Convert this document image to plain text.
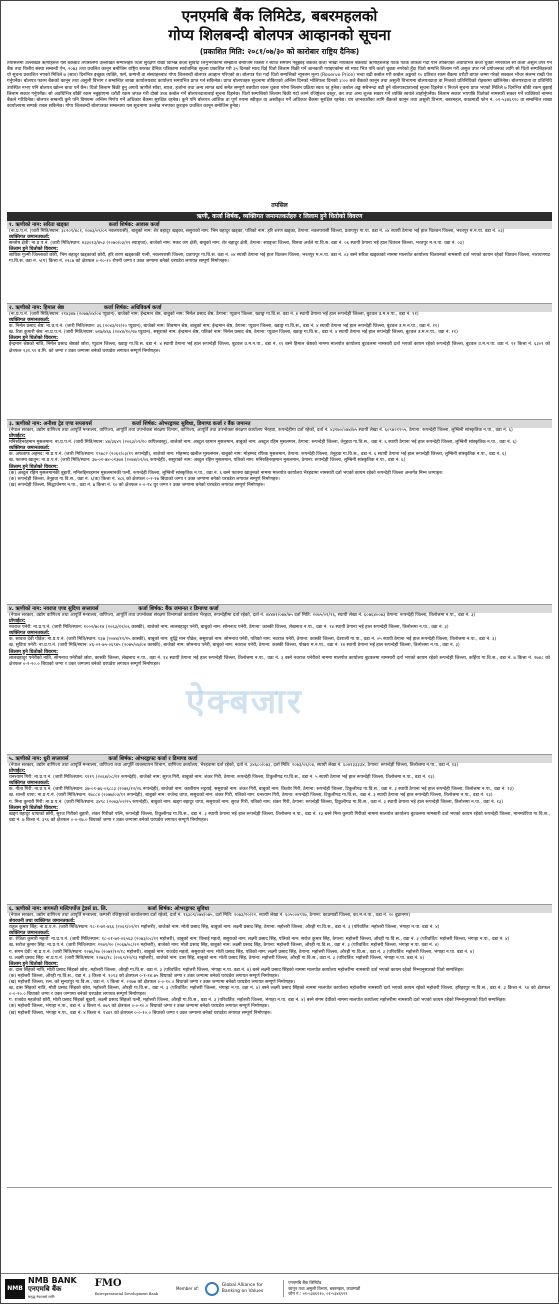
एनएमबि बैंक लिमिटेड, बबरमहलको
गोप्य शिलबन्दी बोलपत्र आव्हानको सूचना
(प्रकाशित मिति: २०८१/०७/३० को कारोबार राष्ट्रिय दैनिक)
तपसिलमा उल्लेखित ऋणीहरुले यस बैंकबाट तपसिलमा उल्लेखित सम्पत्तिहरु धितो सुरक्षण राखी विभिन्न कर्जा सुविधा लिनुभएकोमा सम्झौता बमोजिम किस्ता र ब्याज समयमै नबुझाई बैंकको कर्जा भाखा नाघेकाले बैंकबाट ऋणीहरुलाई पटक पटक ताकेता गर्दा पनि तोकिएको अवधिभित्र कर्जा चुक्ता नगरेकाले सो कर्जा असुल उपर गर्न बैंक तथा वित्तीय संस्था सम्बन्धी ऐन, २०७३ तथा प्रचलित कानून बमोजिम राष्ट्रिय स्तरका दैनिक पत्रिकामा सार्वजनिक सूचना प्रकाशित गरी ३५ दिनको म्याद दिई धितो लिलाम बिक्री गर्ने जानकारी गराइएकोमा सो म्याद भित्र पनि कर्जा चुक्ता नगरेको हुँदा धितो सम्पत्ति लिलाम गरी असुल उपर गर्ने प्रयोजनका लागि सो धितो सम्पत्तिहरुको यो सूचना प्रकाशित भएको मितिले ७ (सात) दिनभित्र इच्छुक व्यक्ति, फर्म, कम्पनी वा संस्थाहरुबाट गोप्य शिलबन्दी बोलपत्र आव्हान गरिएको छ। बोलपत्र पेश गर्दा धितो सम्पत्तिको न्यूनतम मूल्य (Reserve Price) भन्दा बढी कबोल गरी कबोल अङ्कको १० प्रतिशत रकम बैंकमा धरौटी बापत जम्मा गरेको सक्कल भौचर संलग्न राखी पेश गर्नुपर्नेछ। बोलपत्र फारम बैंकको कानून तथा असुली विभाग र सम्बन्धित शाखा कार्यालयबाट कार्यालय समयभित्र प्राप्त गर्न सकिनेछ। प्राप्त बोलपत्रहरु सूचनामा तोकिएको अन्तिम दिनको भोलिपल्ट दिनको ३:०० बजे बैंकको कानून तथा असुली विभागमा बोलपत्रदाता वा निजको प्रतिनिधिको रोहबरमा खोलिनेछ। बोलपत्रदाता वा प्रतिनिधि उपस्थित नभए पनि बोलपत्र खोल्न बाधा पर्ने छैन। धितो लिलाम बिक्री हुनु अगावै ऋणीले साँवा, ब्याज, हर्जाना तथा अन्य लागत खर्च समेत सम्पूर्ण बक्यौता रकम चुक्ता गरेमा लिलाम प्रक्रिया स्वतः रद्द हुनेछ। कबोल अङ्क सबैभन्दा बढी हुने बोलपत्रदातालाई सूचना दिइनेछ र निजले सूचना प्राप्त भएको मितिले ७ दिनभित्र बाँकी रकम बुझाई लिलाम सकार गर्नुपर्नेछ। सो अवधिभित्र बाँकी रकम नबुझाएमा धरौटी रकम जफत गरी दोस्रो उच्च कबोल गर्ने बोलपत्रदातालाई सूचना दिइनेछ। धितो सम्पत्तिको लिलाम बिक्री गर्दा लाग्ने रजिष्ट्रेशन दस्तुर, कर तथा अन्य शुल्क सकार गर्ने व्यक्ति स्वयंले व्यहोर्नुपर्नेछ। लिलाम सकार भएपछि धितोको नामसारी सकार गर्ने व्यक्तिको नाममा बैंकले गरिदिनेछ। बोलपत्र सम्बन्धी कुनै पनि विषयमा अन्तिम निर्णय गर्ने अधिकार बैंकमा सुरक्षित रहनेछ। कुनै पनि बोलपत्र आंशिक वा पूर्ण रुपमा स्वीकृत वा अस्वीकृत गर्ने अधिकार बैंकमा सुरक्षित रहनेछ। थप जानकारीका लागि बैंकको कानून तथा असुली विभाग, बबरमहल, काठमाडौं फोन नं. ०१-५३४६९१० वा सम्बन्धित शाखा कार्यालयमा सम्पर्क राख्न सकिनेछ। गोप्य शिलबन्दी बोलपत्रका सम्बन्धमा यस सूचनामा उल्लेख नभएका कुराहरु प्रचलित कानून बमोजिम हुनेछ।
तपसिल
ऋणी, कर्जा शिर्षक, व्यक्तिगत जमानतकर्तहरु र लिलाम हुने धितोको विवरण
१. ऋणीको नाम: सरिता खड्का	कर्जा शिर्षक: आवास कर्जा
(ना.प्र.प.नं. (जारी मिति/स्थान: ३८२०९/४८१, २०७३/०९/०९ नवलपरासी), बाबुको नाम: शेर बहादुर खड्का, ससुराको नाम: भिम बहादुर खड्का, पतिको नाम: हरि शरण खड्का, ठेगाना: नवलपरासी जिल्ला, प्रतापपुर गा.पा. वडा नं. ०४ स्थायी ठेगाना भई हाल चितवन जिल्ला, भरतपुर म.न.पा. वडा नं. ०३)
व्यक्तिगत जमानतकर्ता:
सन्तोष क्षेत्री: ना.प्र.प.नं. (जारी मिति/स्थान: ४३३०१३/४५३ (२०७०/०३/२२ स्याङ्जा), बाजेको नाम: मकर जंग क्षेत्री, बाबुको नाम: शेर बहादुर क्षेत्री, ठेगाना: स्याङ्जा जिल्ला, बिरुवा अर्चले गा.वि.स. वडा नं. ०६ स्थायी ठेगाना भई हाल चितवन जिल्ला, भरतपुर म.न.पा. वडा नं. ०३)
लिलाम हुने धितोको विवरण:
साविक गुल्मी जिल्लाको छोरी, भिम बहादुर खड्काको छोरी, हरि शरण खड्काकी पत्नी, नवलपरासी जिल्ला, प्रतापपुर गा.वि.स. वडा नं. ०४ स्थायी ठेगाना भई हाल चितवन जिल्ला, भरतपुर म.न.पा. वडा नं. ०३ बस्ने सरिता खड्काको नाममा मालपोत कार्यालय चितवनको नामसारी दर्ता भएको कायम रहेको चितवन जिल्ला, नारायणगढ गा.वि.स. वडा नं. ५(ग) कित्ता नं. २२८७ को क्षेत्रफल ०-१०-१० रोपनी जग्गा र उक्त जग्गामा बनेको घरघडेरा लगायत सम्पूर्ण निर्माणहरु।
२. ऋणीको नाम: हिमाल श्रेष्ठ	कर्जा शिर्षक: अधिविकर्ष कर्जा
(ना.प्र.प.नं. (जारी मिति/स्थान: २१४३४७ (२०७७/०४/०४ प्युठान), बाजेको नाम: ईन्द्रमान श्रेष्ठ, बाबुको नाम: निर्मल प्रसाद श्रेष्ठ, ठेगाना: प्युठान जिल्ला, ख्वाङ्ग गा.वि.स. वडा नं. ४ स्थायी ठेगाना भई हाल रूपन्देही जिल्ला, बुटवल उ.म.न.पा., वडा नं. ११)
व्यक्तिगत जमानतकर्ता:
क. निर्मल प्रसाद श्रेष्ठ: ना.प्र.प.नं. (जारी मिति/स्थान: ३६ (२०४३/१२/२० प्युठान), बाजेको नाम: शिवमान श्रेष्ठ, बाबुको नाम: ईन्द्रमान श्रेष्ठ, ठेगाना: प्युठान जिल्ला, ख्वाङ्ग गा.वि.स., वडा नं. ४ स्थायी ठेगाना भई हाल रूपन्देही जिल्ला, बुटवल उ.म.न.पा., वडा नं. ११)
ख. रिता कुमारी श्रेष्ठ: ना.प्र.प.नं. (जारी मिति/स्थान: ७१७/४६६ (२०४४/१०/२७ प्युठान), ससुराको नाम: ईन्द्रमान श्रेष्ठ, पतिको नाम: निर्मल प्रसाद श्रेष्ठ, ठेगाना: प्युठान जिल्ला, ख्वाङ्ग गा.वि.स., वडा नं. ४ स्थायी ठेगाना भई हाल रूपन्देही जिल्ला, बुटवल उ.म.न.पा., वडा नं. ११)
लिलाम हुने धितोको विवरण:
ईन्द्रमान श्रेष्ठको नाति, निर्मल प्रसाद श्रेष्ठको छोरा, प्युठान जिल्ला, ख्वाङ्ग गा.वि.स. वडा नं. ४ स्थायी ठेगाना भई हाल रूपन्देही जिल्ला, बुटवल उ.म.न.पा., वडा नं. ११ बस्ने हिमाल श्रेष्ठको नाममा मालपोत कार्यालय बुटवलमा नामसारी दर्ता भएको कायम रहेको रूपन्देही जिल्ला, बुटवल उ.म.न.पा. वडा नं. ११ कित्ता नं. ६३०९ को क्षेत्रफल १३१.९१ व.मि. को जग्गा र उक्त जग्गामा बनेको घरघडेरा लगायत सम्पूर्ण निर्माणहरु।
३. ऋणीको नाम: अनीशा ट्रेड एण्ड सप्लायर्स	कर्जा शिर्षक: ओभरड्राफ्ट सुविधा, डिमाण्ड कर्जा र बैंक जमानत
(नेपाल सरकार, उद्योग वाणिज्य तथा आपूर्ति मन्त्रालय, वाणिज्य, आपूर्ति तथा उपभोक्ता संरक्षण विभाग, वाणिज्य, आपूर्ति तथा उपभोक्ता संरक्षण कार्यालय भैरहवा, रूपन्देहीमा दर्ता रहेको, दर्ता नं. ४३१७०/०७४/७५ स्थायी लेखा नं. ६०९७२१९५५, ठेगाना: रूपन्देही जिल्ला, लुम्बिनी सांस्कृतिक न.पा., वडा नं. ६)
प्रोपाईटर:
मनिरुद्दिनरहमान मुसलमान: ना.प्र.प.नं. (जारी मिति/स्थान: ४४/३६४९ (२०६३/०९/१० कपिलवस्तु), बाजेको नाम: अब्दुल रहमान मुसलमान, बाबुको नाम: अब्दुल रहिम मुसलमान, ठेगाना: रूपन्देही जिल्ला, तेनुहवा गा.वि.स., वडा नं. ६ स्थायी ठेगाना भई हाल रूपन्देही जिल्ला, लुम्बिनी सांस्कृतिक न.पा., वडा नं. ६)
व्यक्तिगत जमानतकर्ता:
क. अफताफ अहमद: ना.प्र.प.नं. (जारी मिति/स्थान: १९७८२ (२०६२/०३/१९ रूपन्देही), बाजेको नाम: मोहम्मद खलील मुसलमान, बाबुको नाम: मोहम्मद रफिक मुसलमान, ठेगाना: रूपन्देही जिल्ला, तेनुहवा गा.वि.स., वडा नं. ६ स्थायी ठेगाना भई हाल रूपन्देही जिल्ला, लुम्बिनी सांस्कृतिक न.पा., वडा नं. ६)
ख. फातमा खातुन: ना.प्र.प.नं. (जारी मिति/स्थान: ३७-०१-७४-०१३७४ (२०७४/०२/०६ रूपन्देही), ससुराको नाम: अब्दुल रहिम मुसलमान, पतिको नाम: मनिरुद्दिनरहमान मुसलमान, ठेगाना: रूपन्देही जिल्ला, लुम्बिनी सांस्कृतिक न.पा., वडा नं. ६)
लिलाम हुने धितोको विवरण:
(क) अब्दुल रहिम मुसलमानकी बुहारी, मनिरुद्दिनरहमान मुसलमानकी पत्नी, रूपन्देही जिल्ला, लुम्बिनी सांस्कृतिक न.पा., वडा नं. ६ बस्ने फातमा खातुनको नाममा मालपोत कार्यालय भैरहवामा नामसारी दर्ता भएको कायम रहेको रूपन्देही जिल्ला अन्तर्गत निम्न जग्गाहरु:
(क) रूपन्देही जिल्ला, तेनुहवा गा.वि.स., वडा नं. ६(क) कित्ता नं. ४८६ को क्षेत्रफल ०-२-१७ बिघाको जग्गा र उक्त जग्गामा बनेको घरघडेरा लगायत सम्पूर्ण निर्माणहरु।
(ख) रूपन्देही जिल्ला, सिद्धार्थनगर न.पा., वडा नं. ७ कित्ता नं. १० को क्षेत्रफल ०-०-१४ धुर जग्गा र उक्त जग्गामा बनेको घरघडेरा लगायत सम्पूर्ण निर्माणहरु।
४. ऋणीको नाम: नवराज एण्ड सुदिपा सप्लायर्स	कर्जा शिर्षक: बैंक जमानत र डिमाण्ड कर्जा
(नेपाल सरकार, उद्योग वाणिज्य तथा आपूर्ति मन्त्रालय, वाणिज्य, आपूर्ति तथा उपभोक्ता संरक्षण विभागको कार्यालय भैरहवा, रूपन्देहीमा दर्ता रहेको, दर्ता नं. ४४४४१/०७४/७५ दर्ता मिति: २०७५/०१/१६, स्थायी लेखा नं. ६०७६४००७३ ठेगाना: रूपन्देही जिल्ला, तिलोत्तमा न.पा., वडा नं. ३)
प्रोपाईटर:
नवराज पनेरी: ना.प्र.प.नं. (जारी मिति/स्थान: १००२/७०१४ (२०६३/१२/०६ कास्की), बाजेको नाम: लालबहादुर पनेरी, बाबुको नाम: सोमनाथ पनेरी, ठेगाना: कास्की जिल्ला, लेखनाथ न.पा., वडा नं. १४ स्थायी ठेगाना भई हाल रूपन्देही जिल्ला, तिलोत्तमा न.पा., वडा नं. ३)
व्यक्तिगत जमानतकर्ता:
क. सावत्रा देवी पौडेल: ना.प्र.प.नं. (जारी मिति/स्थान: १३७ (२०४४/११/१५ कास्की), बाबुको नाम: बुद्धि मान पौडेल, ससुराको नाम: सोमनाथ पनेरी, पतिको नाम: नवराज पनेरी, ठेगाना: कास्की जिल्ला, देउराली गा.पा., वडा नं. ०५ स्थायी ठेगाना भई हाल रूपन्देही जिल्ला, तिलोत्तमा न.पा., वडा नं. ३)
ख. सुदिपा पनेरी: ना.प्र.प.नं. (जारी मिति/स्थान: ४६-०१-७५-०६९४५ (२०७५/०७/०४ कास्की), बाजेको नाम: सोमनाथ पनेरी, बाबुको नाम: नवराज पनेरी, ठेगाना: कास्की जिल्ला, पोखरा म.न.पा., वडा नं. १४ स्थायी ठेगाना भई हाल रूपन्देही जिल्ला, तिलोत्तमा न.पा., वडा नं. ३)
लिलाम हुने धितोको विवरण:
लालबहादुर पनेरीको नाति, सोमनाथ पनेरीको छोरा, कास्की जिल्ला, लेखनाथ न.पा., वडा नं. १४ स्थायी ठेगाना भई हाल रूपन्देही जिल्ला, तिलोत्तमा न.पा., वडा नं. ३ बस्ने नवराज पनेरीको नाममा मालपोत कार्यालय बुटवलमा नामसारी दर्ता भएको कायम रहेको रूपन्देही जिल्ला, कर्हिया गा.वि.स., वडा नं. ७ कित्ता नं. १७४८ को क्षेत्रफल ०-१-२०.० बिघाको जग्गा र उक्त जग्गामा बनेको घरघडेरा लगायत सम्पूर्ण निर्माणहरु।
५. ऋणीको नाम: धुरी सप्लायर्स	कर्जा शिर्षक: ओभरड्राफ्ट कर्जा र डिमाण्ड कर्जा
(नेपाल सरकार, उद्योग वाणिज्य तथा आपूर्ति मन्त्रालय, वाणिज्य तथा आपूर्ति व्यवस्थापन विभाग, वाणिज्य कार्यालय, भैरहवामा दर्ता रहेको, दर्ता नं. ३४६८०/०७३, दर्ता मिति: २०७३/०६/०४, स्थायी लेखा नं. ६०४१३३३३४, ठेगाना: रूपन्देही जिल्ला, तिलोत्तमा न.पा., वडा नं. १३)
प्रोपाईटर:
धनश्याम गिरी: ना.प्र.प.नं. (जारी मिति/स्थान: ९११९ (२०६४/०८/११ रूपन्देही), बाजेको नाम: सुरज गिरी, बाबुको नाम: शंकर गिरी, ठेगाना: रूपन्देही जिल्ला, टिकुलीगढ गा.वि.स., वडा नं. ५ स्थायी ठेगाना भई हाल रूपन्देही जिल्ला, तिलोत्तमा न.पा., वडा नं. १३)
व्यक्तिगत जमानतकर्ता:
क. गीता गिरी: ना.प्र.प.नं. (जारी मिति/स्थान: ३७-०१-७६-०६८८३ (२०७६/१२/२६ रूपन्देही), बाजेको नाम: काशीराम भट्टराई, ससुराको नाम: शंकर गिरी, बाबुको नाम: किशोर गिरी, ठेगाना: रूपन्देही जिल्ला, टिकुलीगढ गा.वि.स., वडा नं. ३ स्थायी ठेगाना भई हाल रूपन्देही जिल्ला, तिलोत्तमा न.पा., वडा नं. १३)
ख. शान्ती थापा: ना.प्र.प.नं. (जारी मिति/स्थान: १७८८४ (२०७७/०३/१२ रूपन्देही), बाबुको नाम: राजेन्द्र थापा, ससुराको नाम: शंकर गिरी, पतिको नाम: धनश्याम गिरी, ठेगाना: रूपन्देही जिल्ला, टिकुलीगढ गा.वि.स., वडा नं. ३ स्थायी ठेगाना भई हाल रूपन्देही जिल्ला, तिलोत्तमा न.पा., वडा नं. १३)
ग. मिना कुमारी गिरी: ना.प्र.प.नं. (जारी मिति/स्थान: ३४९८ (२०७३/०२/२५ रूपन्देही), बाबुको नाम: खड्ग बहादुर थापा, ससुराको नाम: सुरज गिरी, पतिको नाम: शंकर गिरी, ठेगाना: रूपन्देही जिल्ला, टिकुलीगढ गा.वि.स., वडा नं. ३ स्थायी ठेगाना भई हाल रूपन्देही जिल्ला, तिलोत्तमा न.पा., वडा नं. १३)
लिलाम हुने धितोको विवरण:
खड्ग बहादुर थापाको छोरी, सुरज गिरीको बुहारी, शंकर गिरीको पत्नि, रूपन्देही जिल्ला, टिकुलीगढ गा.वि.स., वडा नं. ३ स्थायी ठेगाना भई हाल रूपन्देही जिल्ला, तिलोत्तमा न.पा., वडा नं. १३ बस्ने मिना कुमारी गिरीको नाममा मालपोत कार्यालय बुटवलमा नामसारी दर्ता भएको कायम रहेको रूपन्देही जिल्ला, मानमटेरिया गा.वि.स., वडा नं. ७ कित्ता नं. ३९६ को क्षेत्रफल ०-०-१७.० बिघाको जग्गा र उक्त जग्गामा बनेको घरघडेरा लगायत सम्पूर्ण निर्माणहरु।
६. ऋणीको नाम: बागमती मल्टिपर्पोज ट्रेडर्स प्रा. लि.	कर्जा शिर्षक: ओभरड्राफ्ट सुविधा
(नेपाल सरकार, उद्योग वाणिज्य तथा आपूर्ति मन्त्रालय, कम्पनी रजिष्ट्रारको कार्यालयमा दर्ता रहेको, दर्ता नं. १६३०९/०७४/०७५, दर्ता मिति: २०७३/१०/२२, स्थायी लेखा नं. ६०५००४९९७, ठेगाना: काठमाडौं जिल्ला, का.म.न.पा., वडा नं. २० बुढानगर)
शेयरधनी तथा व्यक्तिगत जमानतकर्ता:
राहुल कुमार सिंह: ना.प्र.प.नं. (जारी मिति/स्थान: १८-१-७१-४६६ (२०६९/०९/१९ महोत्तरी), बाजेको नाम: मोती प्रसाद सिंह, बाबुको नाम: लक्ष्मी प्रसाद सिंह, ठेगाना: महोत्तरी जिल्ला, औरही गा.वि.स., वडा नं. ३ (परिवर्तित: महोत्तरी जिल्ला, भंगाहा न.पा. वडा नं. ४)
व्यक्तिगत जमानतकर्ता:
क. रंजिता कुमारी महतो: ना.प्र.प.नं. (जारी मिति/स्थान: १८-०१-७१-०६५६३ (२०७३/०८/२९ महोत्तरी), बाबुको नाम: तिलाई महतो, ससुराको नाम: लक्ष्मी प्रसाद सिंह, पतिको नाम: सरोज कुमार सिंह, ठेगाना: महोत्तरी जिल्ला, औरही गा.वि.स., वडा नं. ३ (परिवर्तित: महोत्तरी जिल्ला, भंगाहा न.पा., वडा नं. ४)
ख. सरोज कुमार सिंह: ना.प्र.प.नं. (जारी मिति/स्थान: १२७९/२० (२०६७/०८/२२ महोत्तरी), बाजेको नाम: मोती प्रसाद सिंह, बाबुको नाम: लक्ष्मी प्रसाद सिंह, ठेगाना: महोत्तरी जिल्ला, औरही गा.वि.स., वडा नं. ३ (परिवर्तित: महोत्तरी जिल्ला, भंगाहा न.पा. वडा नं. ४)
ग. संगम देवी: ना.प्र.प.नं. (जारी मिति/स्थान: १२७६/१७ (२०७१/१२/१८ महोत्तरी), बाबुको नाम: राजदेव महतो, ससुराको नाम: मोती प्रसाद सिंह, पतिको नाम: लक्ष्मी प्रसाद सिंह, ठेगाना: महोत्तरी जिल्ला, औरही गा.वि.स., वडा नं. ३ (परिवर्तित: महोत्तरी जिल्ला, भंगाहा न.पा. वडा नं. ४)
घ. लक्ष्मी प्रसाद सिंह: ना.प्र.प.नं. (जारी मिति/स्थान: १२७६/१८ (२०६९/१२/१३ महोत्तरी), बाजेको नाम: दास सिंह, बाबुको नाम: मोती प्रसाद सिंह, ठेगाना: महोत्तरी जिल्ला, औरही गा.वि.स., वडा नं. ३ (परिवर्तित: महोत्तरी जिल्ला, भंगाहा न.पा. वडा नं. ४)
लिलाम हुने धितोको विवरण:
क. दास सिंहको नाति, मोती प्रसाद सिंहको छोरा, महोत्तरी जिल्ला, औरही गा.वि.स. वडा नं. ३ (परिवर्तित: महोत्तरी जिल्ला, भंगाहा न.पा. वडा नं. ४) बस्ने लक्ष्मी प्रसाद सिंहको नाममा मालपोत कार्यालय महोत्तरीमा नामसारी दर्ता भएको कायम रहेको निम्नानुसारको धितो सम्पत्तिहरु:
(क) महोत्तरी जिल्ला, औरही गा.वि.स., वडा नं. ३ कित्ता नं. १०९३ को क्षेत्रफल ०-१-१४.७५ बिघाको जग्गा र उक्त जग्गामा बनेको घरघडेरा लगायत सम्पूर्ण निर्माणहरु।
(ख) महोत्तरी जिल्ला, रत्न. को सुन्दरपुर गा.वि.स., वडा नं. ९ कित्ता नं. २२७७ को क्षेत्रफल ०-०-१०.० बिघाको जग्गा र उक्त जग्गामा बनेको घरघडेरा लगायत सम्पूर्ण निर्माणहरु।
ख. दास सिंहको नाति, मोती प्रसाद सिंहको छोरा, महोत्तरी जिल्ला, औरही गा.वि.स., वडा नं. ३ (परिवर्तित: महोत्तरी जिल्ला, भंगाहा न.पा. वडा नं. ४) बस्ने लक्ष्मी प्रसाद सिंहको नाममा मालपोत कार्यालय महोत्तरीमा नामसारी दर्ता भएको कायम रहेको महोत्तरी जिल्ला, हरिहरपुर गा.वि.स., वडा नं. ३ कित्ता नं. ९४ को क्षेत्रफल ०-०-१०.० बिघाको जग्गा र उक्त जग्गामा बनेको घरघडेरा लगायत सम्पूर्ण निर्माणहरु।
ग. राजदेव महतोको छोरी, मोती प्रसाद सिंहको बुहारी, लक्ष्मी प्रसाद सिंहको पत्नी, महोत्तरी जिल्ला, औरही गा.वि.स., वडा नं. ३ (परिवर्तित: महोत्तरी जिल्ला, भंगाहा न.पा. वडा नं. ४) बस्ने संगम देवीको नाममा मालपोत कार्यालय महोत्तरीमा नामसारी दर्ता भएको कायम रहेको निम्नानुसारको धितो सम्पत्तिहरु:
(क) महोत्तरी जिल्ला, भंगाहा न.पा., वडा नं. ४ कित्ता नं. ४७९ को क्षेत्रफल ०-०-१०.० बिघाको जग्गा र उक्त जग्गामा बनेको घरघडेरा लगायत सम्पूर्ण निर्माणहरु।
(ख) महोत्तरी जिल्ला, भंगाहा न.पा., वडा नं. ४ कित्ता नं. १४४९ को क्षेत्रफल ०-०-१०.० बिघाको जग्गा र उक्त जग्गामा बनेको घरघडेरा लगायत सम्पूर्ण निर्माणहरु।
ऐक्बजार
NMB
NMB BANK
एनएमबि बैंक
समृद्ध नेपालको लागि
FMO
Entrepreneurial Development Bank
Member of:
Global Alliance for
Banking on Values
एनएमबि बैंक लिमिटेड
कानून तथा असुली विभाग, बबरमहल, काठमाडौं
फोन नं.: ०१-५३४६९१०, ०१-५३४६९११
